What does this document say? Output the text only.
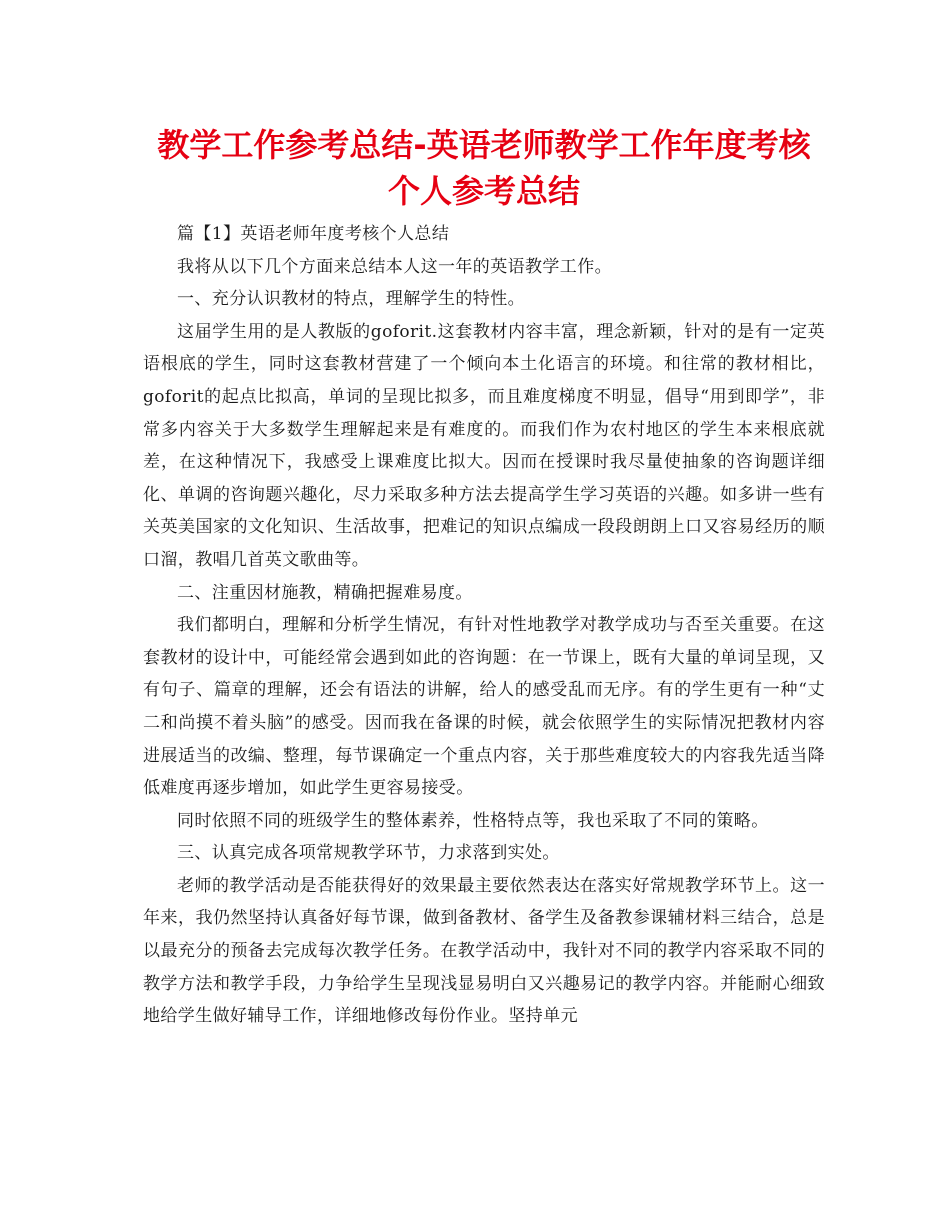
教学工作参考总结-英语老师教学工作年度考核个人参考总结

篇【1】英语老师年度考核个人总结

我将从以下几个方面来总结本人这一年的英语教学工作。

一、充分认识教材的特点，理解学生的特性。

这届学生用的是人教版的goforit.这套教材内容丰富，理念新颖，针对的是有一定英语根底的学生，同时这套教材营建了一个倾向本土化语言的环境。和往常的教材相比，goforit的起点比拟高，单词的呈现比拟多，而且难度梯度不明显，倡导“用到即学”，非常多内容关于大多数学生理解起来是有难度的。而我们作为农村地区的学生本来根底就差，在这种情况下，我感受上课难度比拟大。因而在授课时我尽量使抽象的咨询题详细化、单调的咨询题兴趣化，尽力采取多种方法去提高学生学习英语的兴趣。如多讲一些有关英美国家的文化知识、生活故事，把难记的知识点编成一段段朗朗上口又容易经历的顺口溜，教唱几首英文歌曲等。

二、注重因材施教，精确把握难易度。

我们都明白，理解和分析学生情况，有针对性地教学对教学成功与否至关重要。在这套教材的设计中，可能经常会遇到如此的咨询题：在一节课上，既有大量的单词呈现，又有句子、篇章的理解，还会有语法的讲解，给人的感受乱而无序。有的学生更有一种“丈二和尚摸不着头脑”的感受。因而我在备课的时候，就会依照学生的实际情况把教材内容进展适当的改编、整理，每节课确定一个重点内容，关于那些难度较大的内容我先适当降低难度再逐步增加，如此学生更容易接受。

同时依照不同的班级学生的整体素养，性格特点等，我也采取了不同的策略。

三、认真完成各项常规教学环节，力求落到实处。

老师的教学活动是否能获得好的效果最主要依然表达在落实好常规教学环节上。这一年来，我仍然坚持认真备好每节课，做到备教材、备学生及备教参课辅材料三结合，总是以最充分的预备去完成每次教学任务。在教学活动中，我针对不同的教学内容采取不同的教学方法和教学手段，力争给学生呈现浅显易明白又兴趣易记的教学内容。并能耐心细致地给学生做好辅导工作，详细地修改每份作业。坚持单元
